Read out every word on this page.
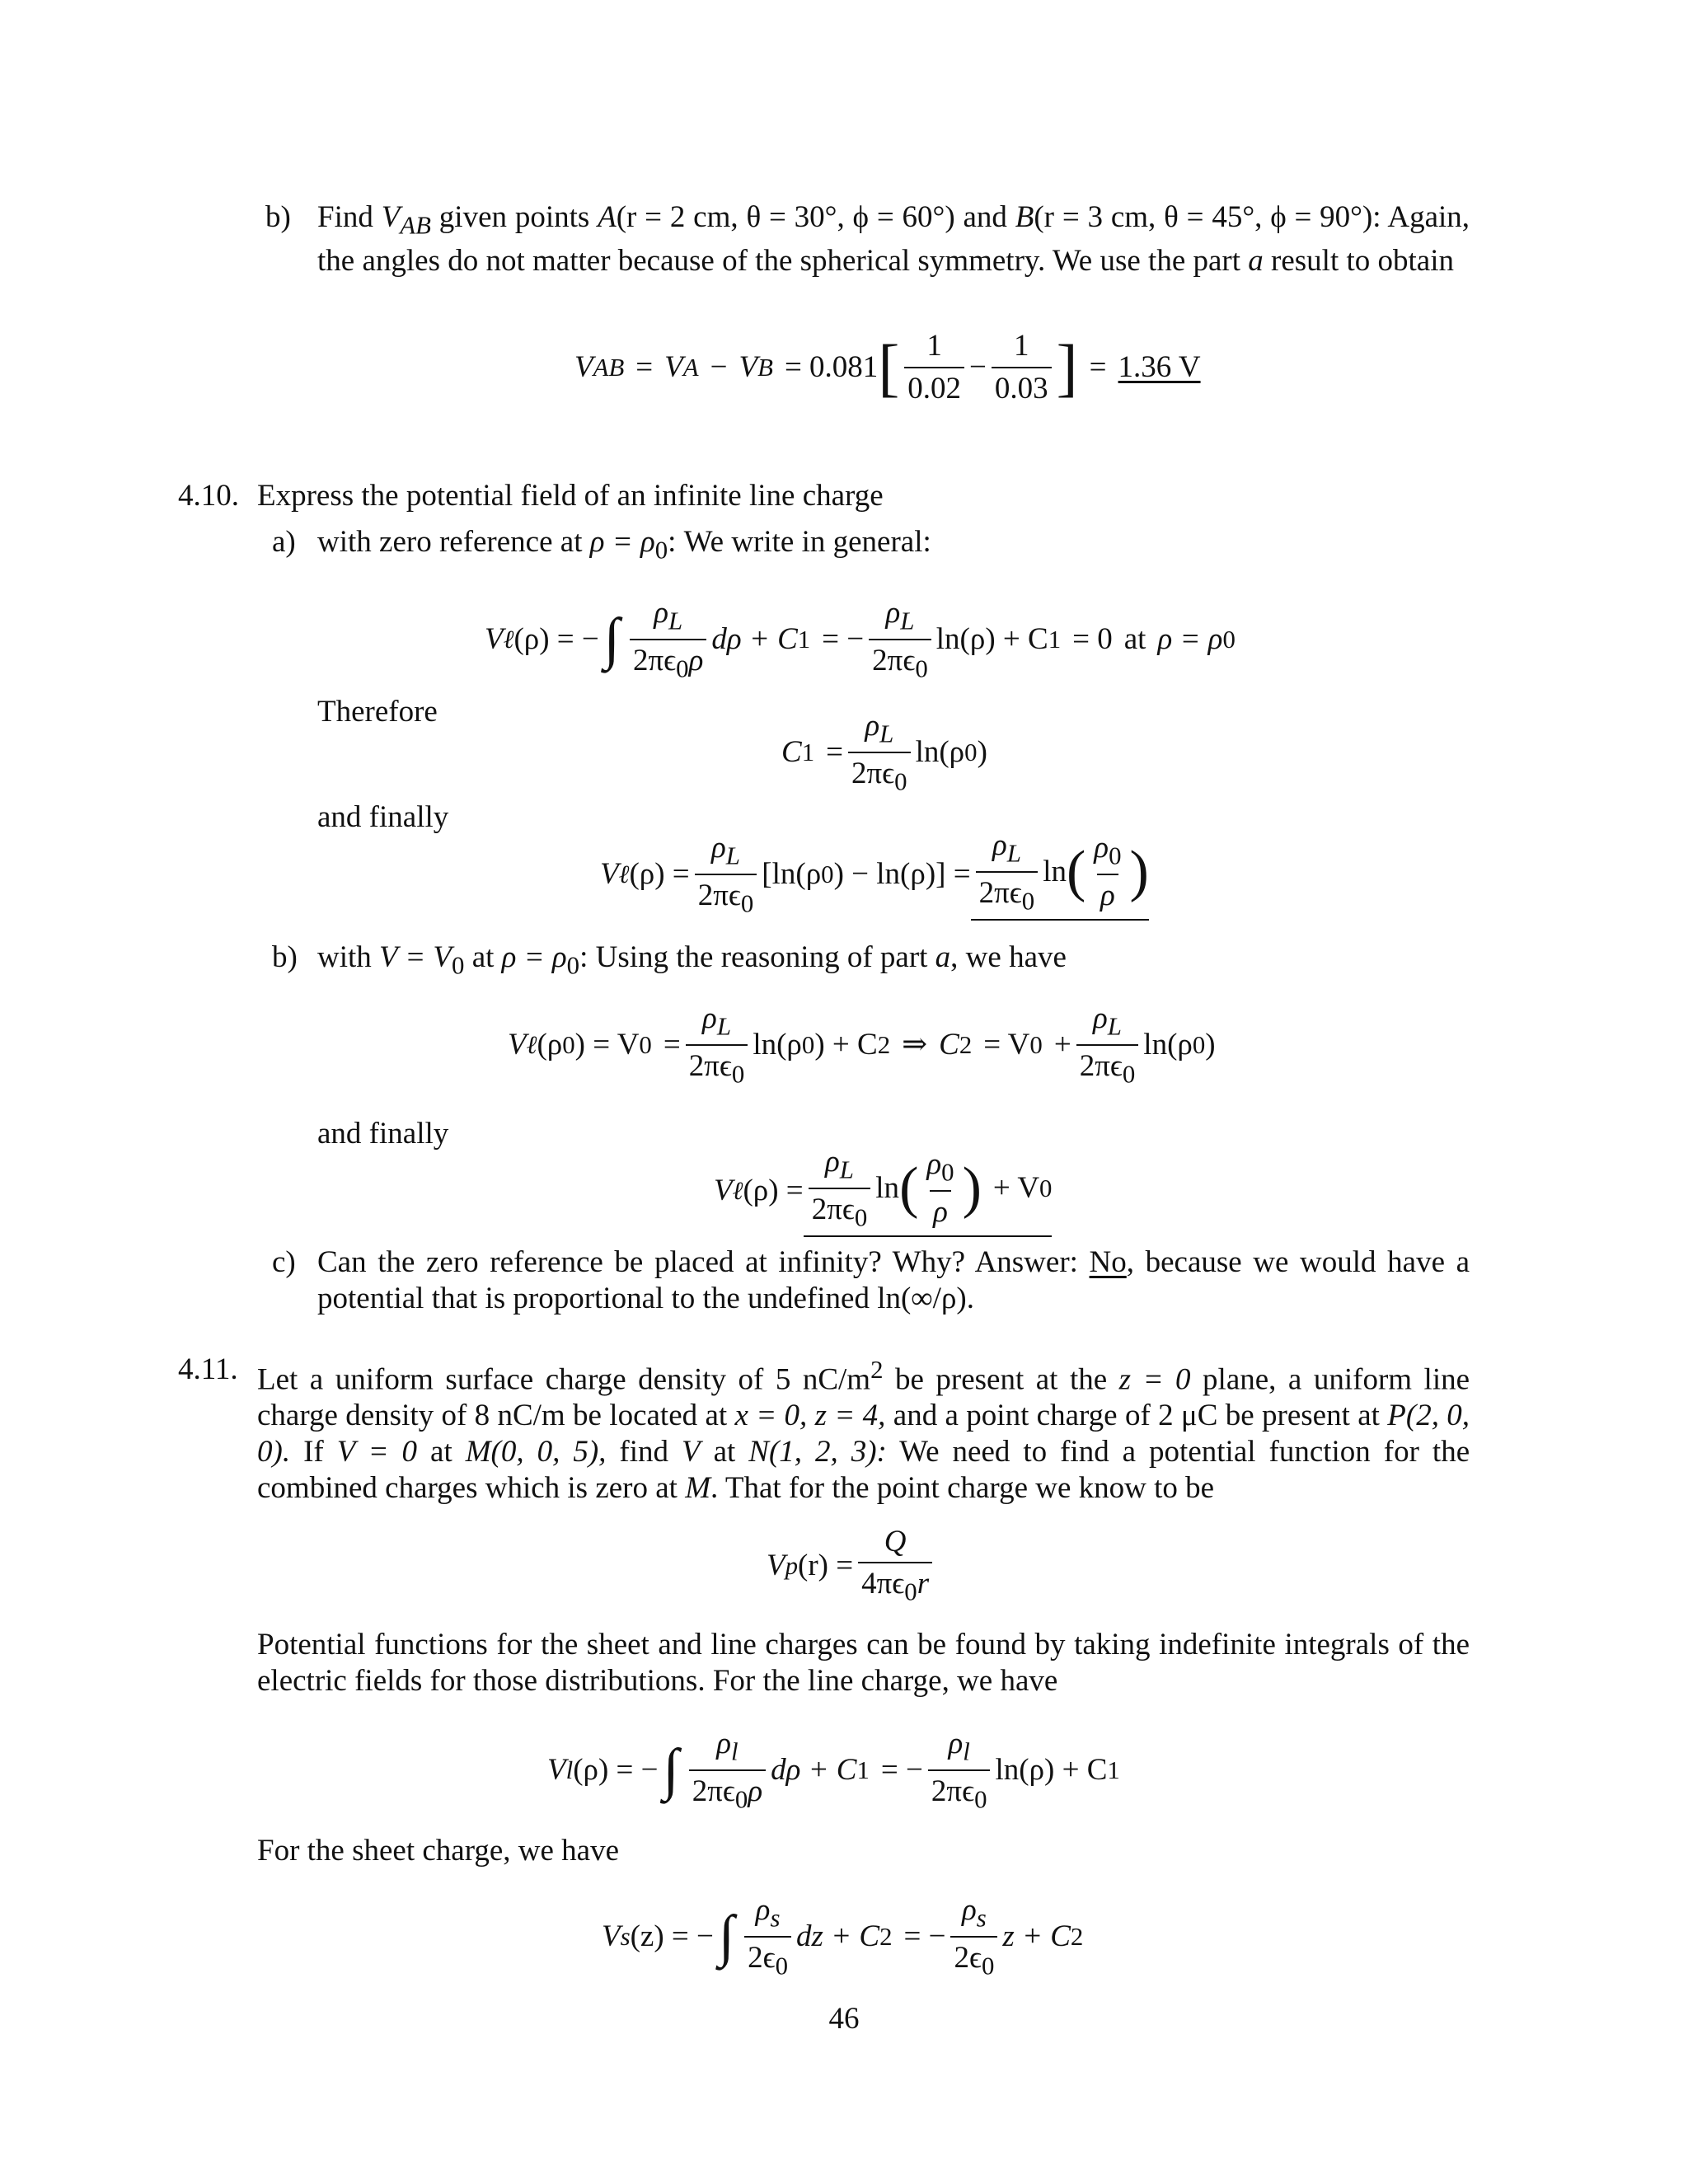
b) Find $V_{AB}$ given points A(r = 2 cm, θ = 30°, ϕ = 60°) and B(r = 3 cm, θ = 45°, ϕ = 90°): Again, the angles do not matter because of the spherical symmetry. We use the part a result to obtain
V AB = V A − V B = 0.081 [ $\frac{1}{0.02} - \frac{1}{0.03}$ ] = 1.36 V
4.10. Express the potential field of an infinite line charge
a) with zero reference at $\rho = \rho_0$: We write in general:
V ℓ (ρ) = − ∫ $\frac{\rho_L}{2\pi\epsilon_0\rho}$ dρ + C 1 = − $\frac{\rho_L}{2\pi\epsilon_0} \ln(\rho) + C$ 1 = 0 at ρ = ρ 0
Therefore
C $1 = \frac{\rho_L}{2\pi\epsilon_0} \ln(\rho$ 0 )
and finally
V ℓ $(\rho) = \frac{\rho_L}{2\pi\epsilon_0} [\ln(\rho$ 0 ) − $\ln(\rho)] = \frac{\rho_L}{2\pi\epsilon_0}$ ln ( $\frac{\rho_0}{\rho}$ )
b) with $V = V_0$ at $\rho = \rho_0$: Using the reasoning of part a, we have
V ℓ (ρ 0 ) = V $0 = \frac{\rho_L}{2\pi\epsilon_0} \ln(\rho$ 0 ) + C 2 ⇒ C 2 = V $0 + \frac{\rho_L}{2\pi\epsilon_0} \ln(\rho$ 0 )
and finally
V ℓ $(\rho) = \frac{\rho_L}{2\pi\epsilon_0}$ ln ( $\frac{\rho_0}{\rho}$ ) + V 0
c) Can the zero reference be placed at infinity? Why? Answer: No, because we would have a potential that is proportional to the undefined ln(∞/ρ).
4.11. Let a uniform surface charge density of 5 $nC/m^2$ be present at the z = 0 plane, a uniform line charge density of 8 nC/m be located at x = 0, z = 4, and a point charge of 2 μC be present at P(2, 0, 0). If V = 0 at M(0, 0, 5), find V at N(1, 2, 3): We need to find a potential function for the combined charges which is zero at M. That for the point charge we know to be
V p $(r) = \frac{Q}{4\pi\epsilon_0r}$
Potential functions for the sheet and line charges can be found by taking indefinite integrals of the electric fields for those distributions. For the line charge, we have
V l (ρ) = − ∫ $\frac{\rho_l}{2\pi\epsilon_0\rho}$ dρ + C 1 = − $\frac{\rho_l}{2\pi\epsilon_0} \ln(\rho) + C$ 1
For the sheet charge, we have
V s (z) = − ∫ $\frac{\rho_s}{2\epsilon_0}$ dz + C 2 = − $\frac{\rho_s}{2\epsilon_0}$ z + C 2
46
